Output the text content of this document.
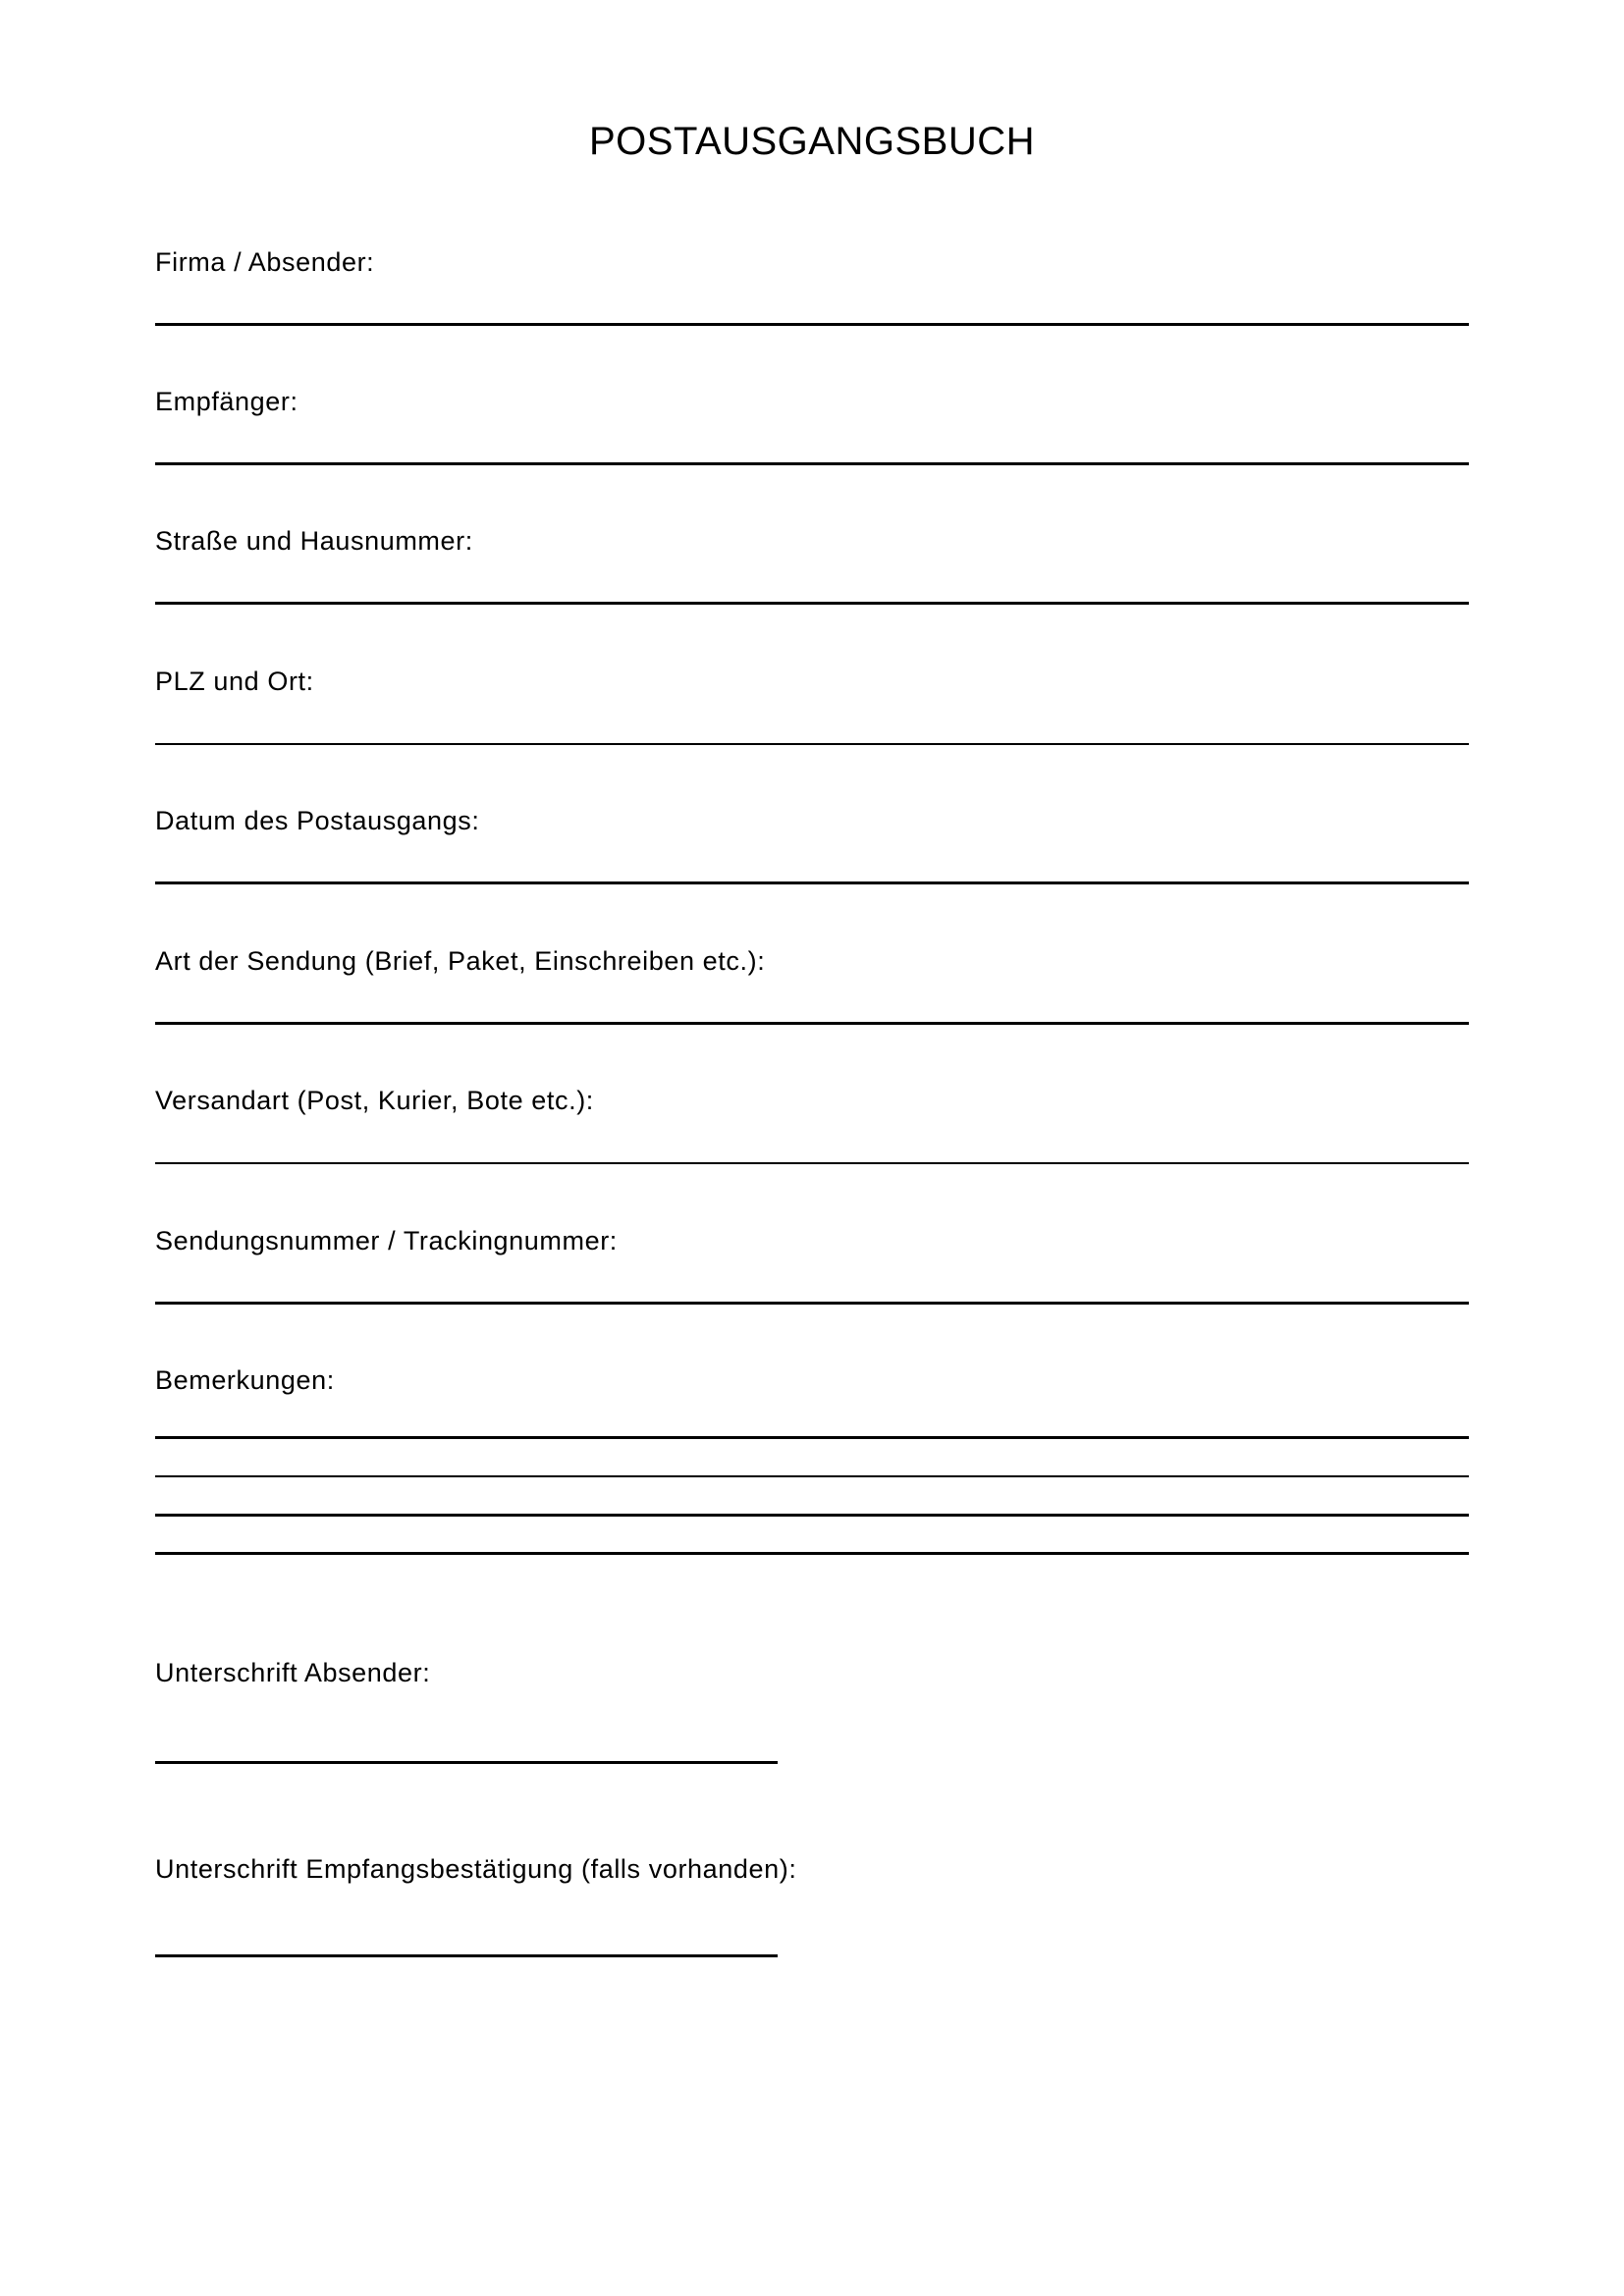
POSTAUSGANGSBUCH
Firma / Absender:
Empfänger:
Straße und Hausnummer:
PLZ und Ort:
Datum des Postausgangs:
Art der Sendung (Brief, Paket, Einschreiben etc.):
Versandart (Post, Kurier, Bote etc.):
Sendungsnummer / Trackingnummer:
Bemerkungen:
Unterschrift Absender:
Unterschrift Empfangsbestätigung (falls vorhanden):
